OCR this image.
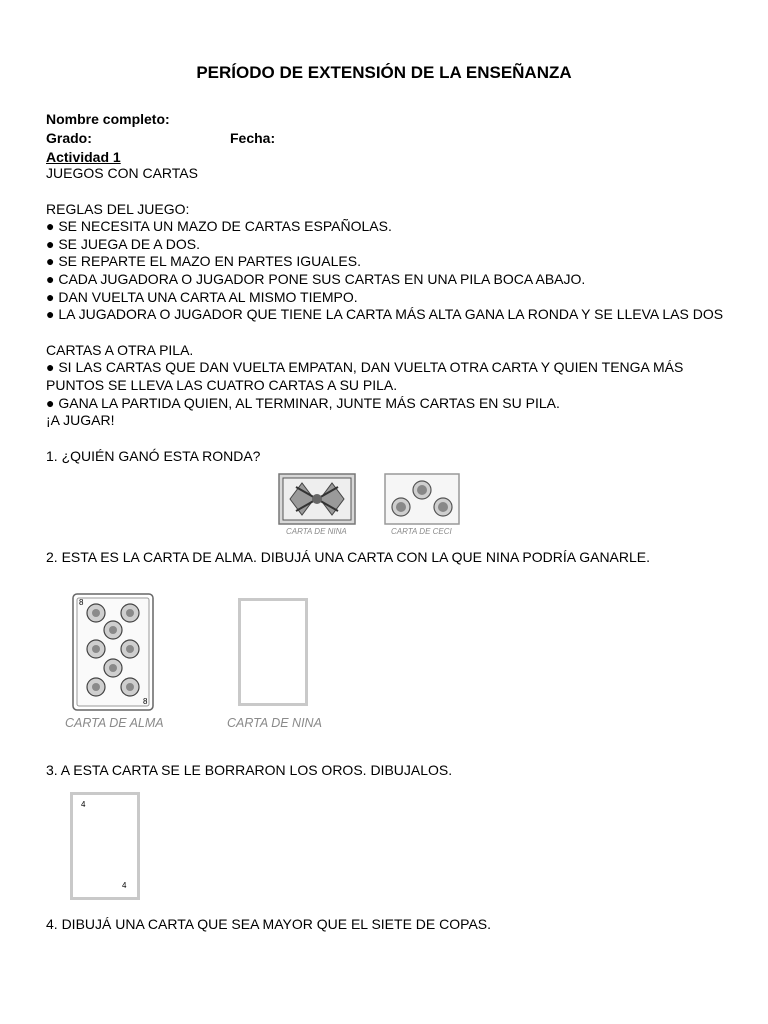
PERÍODO DE EXTENSIÓN DE LA ENSEÑANZA
Nombre completo:
Grado:	Fecha:
Actividad 1
JUEGOS CON CARTAS
REGLAS DEL JUEGO:
● SE NECESITA UN MAZO DE CARTAS ESPAÑOLAS.
● SE JUEGA DE A DOS.
● SE REPARTE EL MAZO EN PARTES IGUALES.
● CADA JUGADORA O JUGADOR PONE SUS CARTAS EN UNA PILA BOCA ABAJO.
● DAN VUELTA UNA CARTA AL MISMO TIEMPO.
● LA JUGADORA O JUGADOR QUE TIENE LA CARTA MÁS ALTA GANA LA RONDA Y SE LLEVA LAS DOS
CARTAS A OTRA PILA.
● SI LAS CARTAS QUE DAN VUELTA EMPATAN, DAN VUELTA OTRA CARTA Y QUIEN TENGA MÁS
PUNTOS SE LLEVA LAS CUATRO CARTAS A SU PILA.
● GANA LA PARTIDA QUIEN, AL TERMINAR, JUNTE MÁS CARTAS EN SU PILA.
¡A JUGAR!
1. ¿QUIÉN GANÓ ESTA RONDA?
CARTA DE NINA	CARTA DE CECI
2. ESTA ES LA CARTA DE ALMA. DIBUJÁ UNA CARTA CON LA QUE NINA PODRÍA GANARLE.
8
8
CARTA DE ALMA	CARTA DE NINA
3. A ESTA CARTA SE LE BORRARON LOS OROS. DIBUJALOS.
4
4
4. DIBUJÁ UNA CARTA QUE SEA MAYOR QUE EL SIETE DE COPAS.
